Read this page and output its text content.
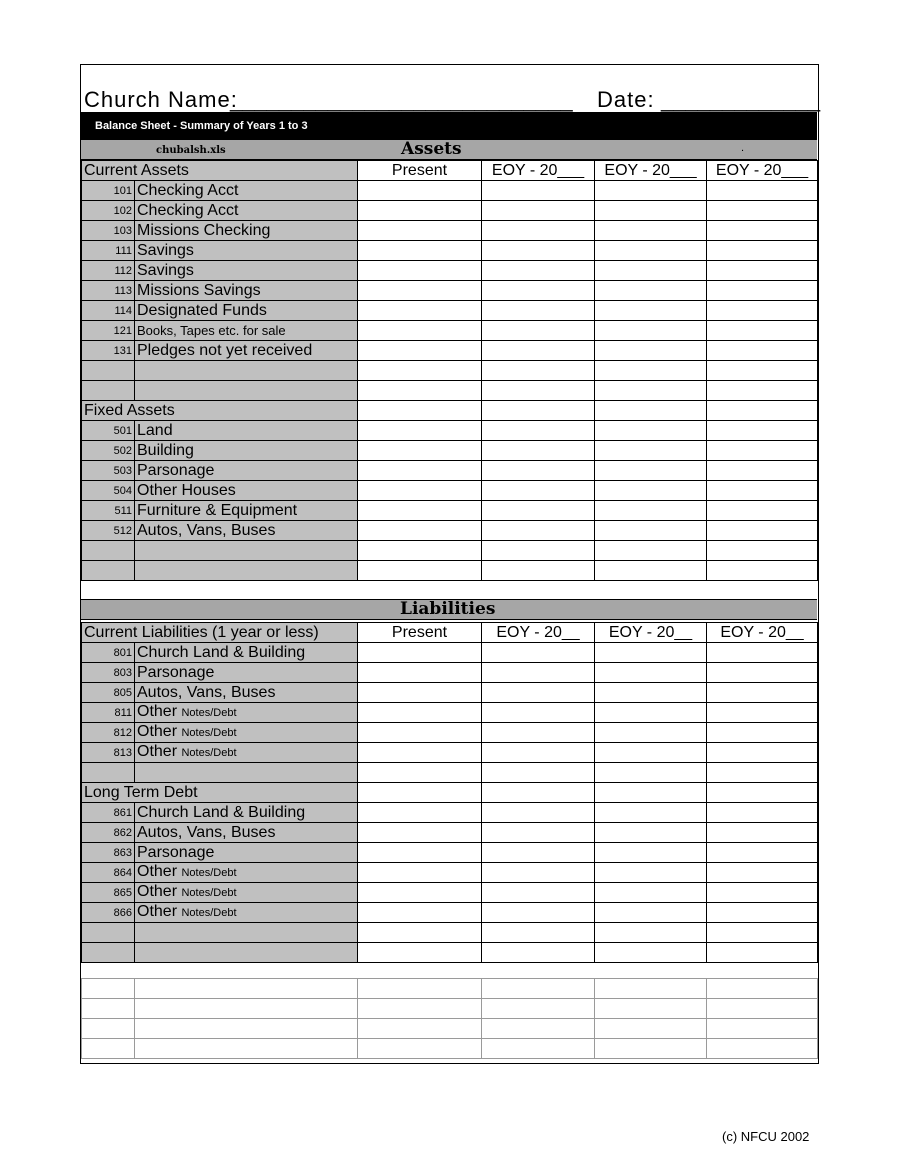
Church Name:
____________________________ Date: _____________
Balance Sheet - Summary of Years 1 to 3
chubalsh.xls	Assets	.
Current Assets		Present	EOY - 20___	EOY - 20___	EOY - 20___
101	Checking Acct				
102	Checking Acct				
103	Missions Checking				
111	Savings				
112	Savings				
113	Missions Savings				
114	Designated Funds				
121	Books, Tapes etc. for sale				
131	Pledges not yet received				

Fixed Assets					
501	Land				
502	Building				
503	Parsonage				
504	Other Houses				
511	Furniture & Equipment				
512	Autos, Vans, Buses				

Liabilities
Current Liabilities (1 year or less)		Present	EOY - 20__	EOY - 20__	EOY - 20__
801	Church Land & Building				
803	Parsonage				
805	Autos, Vans, Buses				
811	Other Notes/Debt				
812	Other Notes/Debt				
813	Other Notes/Debt				

Long Term Debt					
861	Church Land & Building				
862	Autos, Vans, Buses				
863	Parsonage				
864	Other Notes/Debt				
865	Other Notes/Debt				
866	Other Notes/Debt				

(c) NFCU 2002
